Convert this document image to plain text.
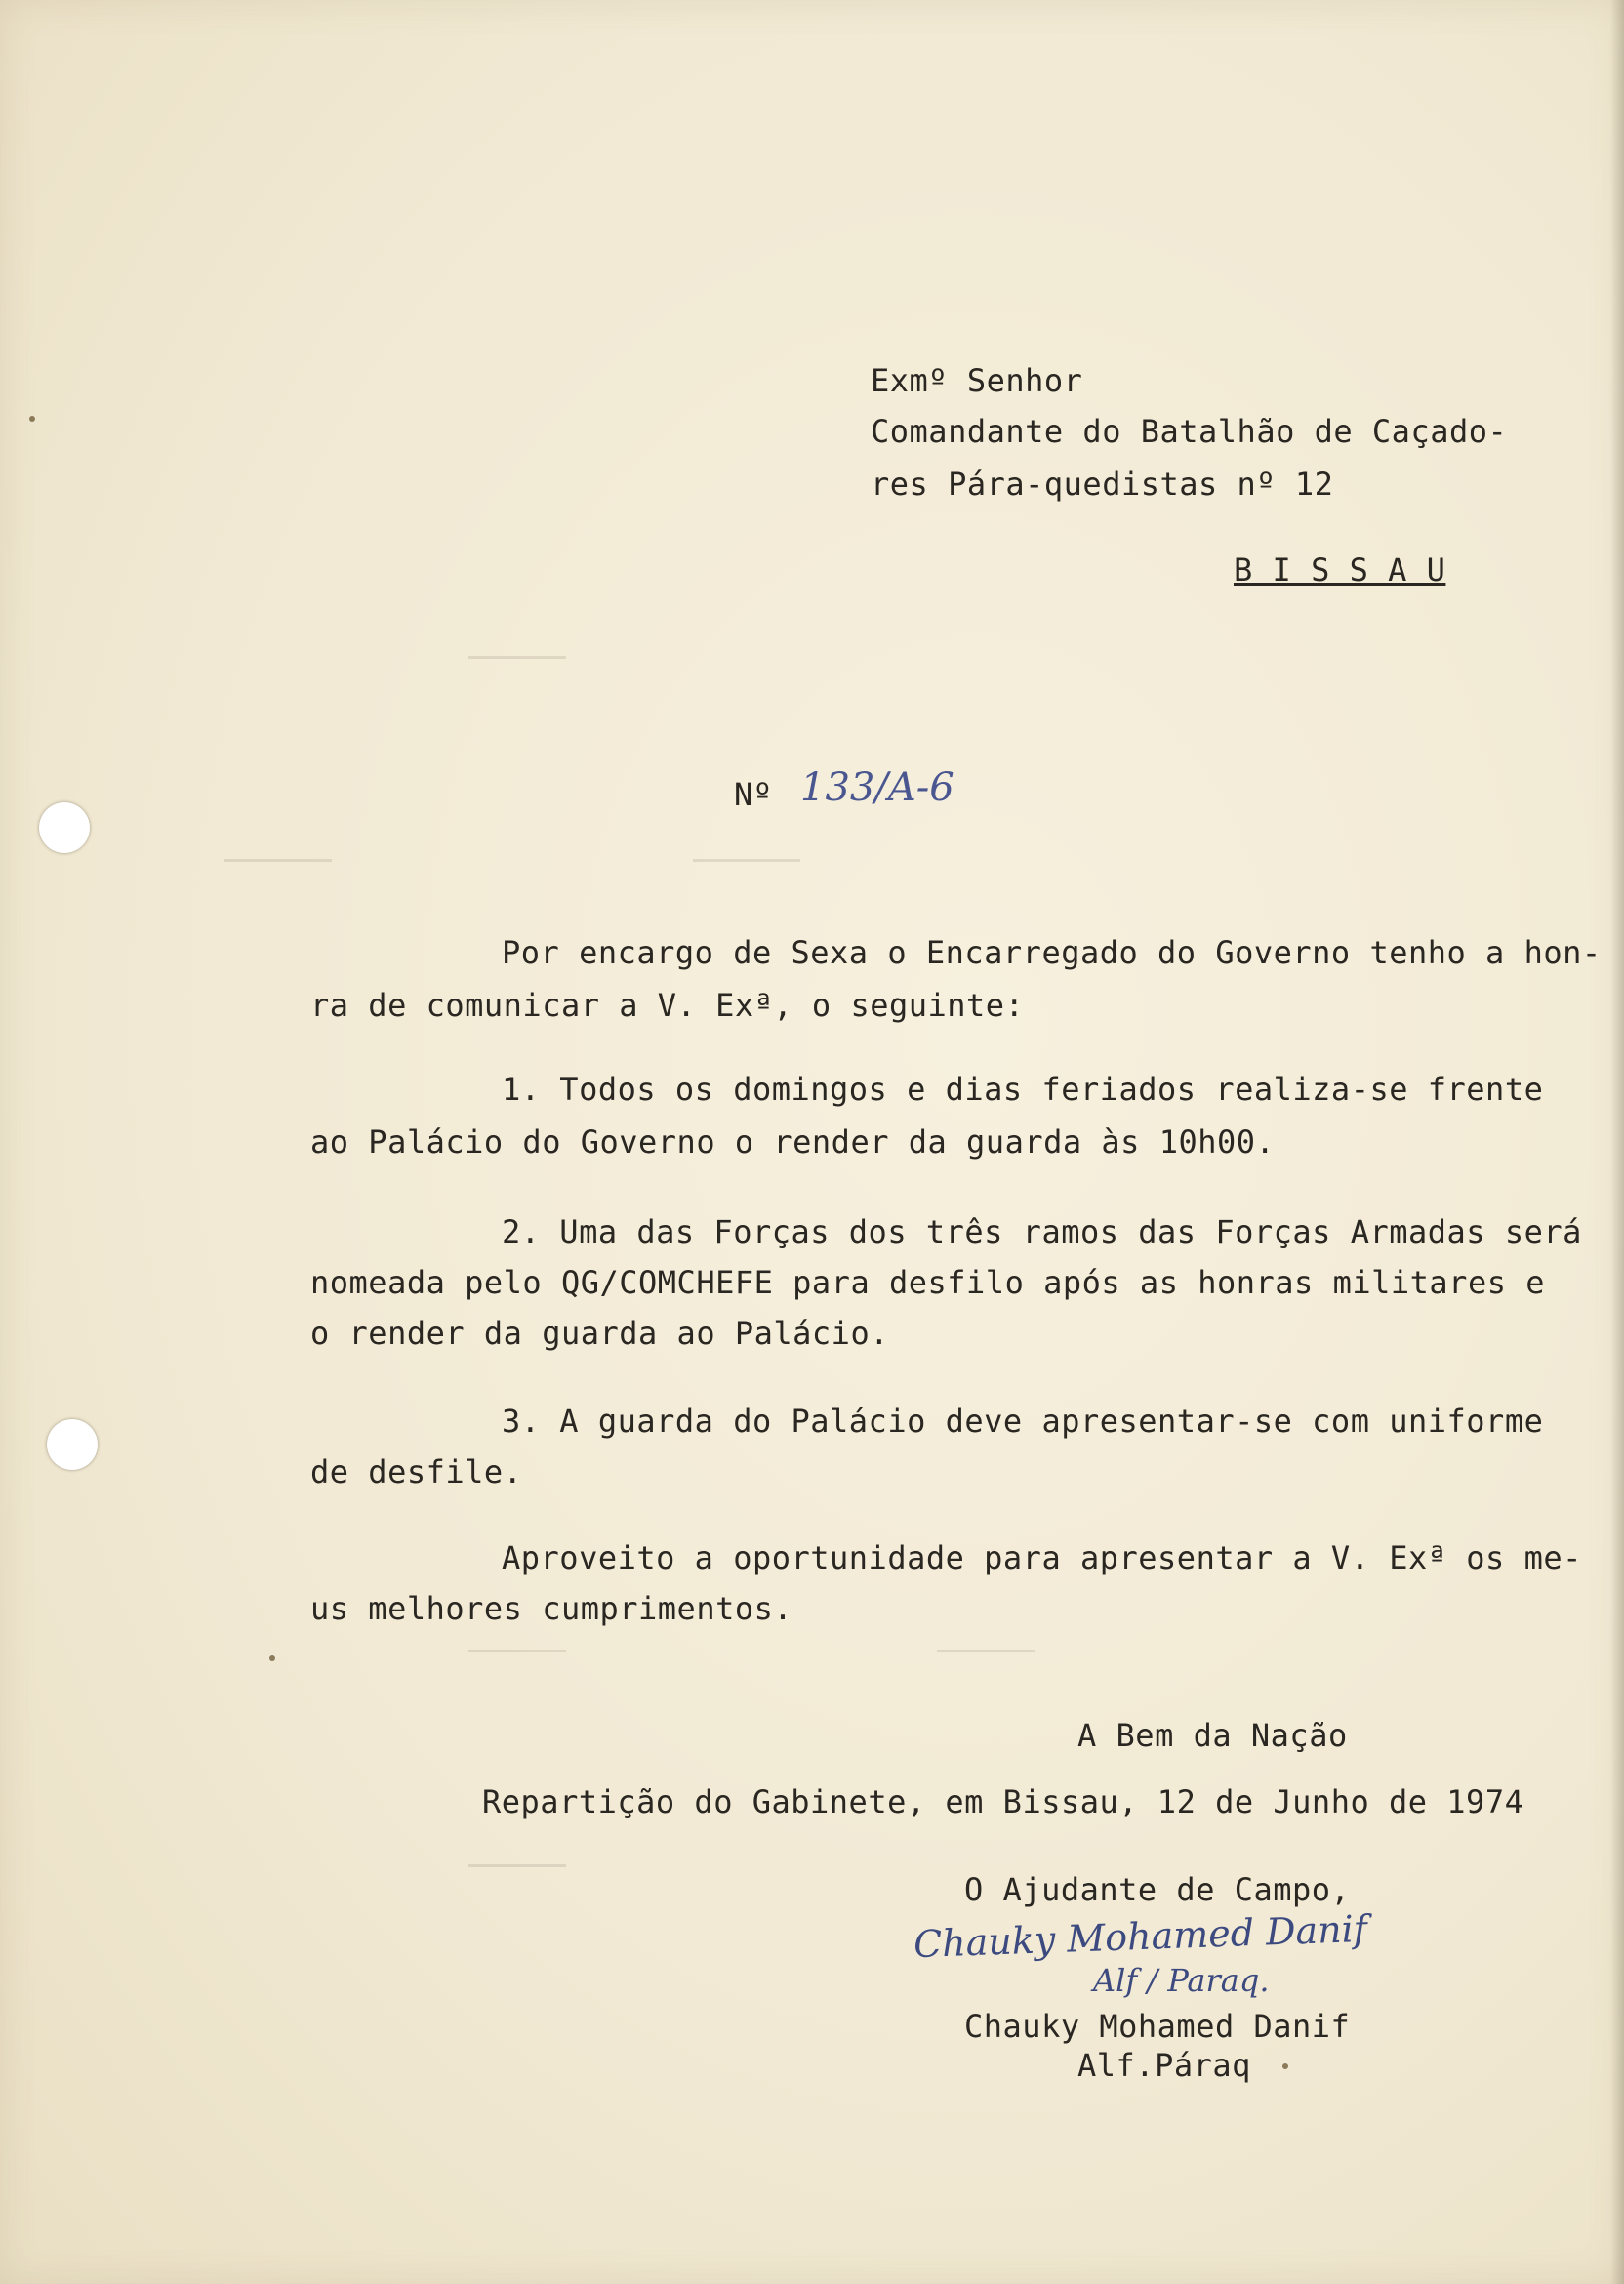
Exmº Senhor
Comandante do Batalhão de Caçado-
res Pára-quedistas nº 12
B I S S A U
Nº 133/A-6
Por encargo de Sexa o Encarregado do Governo tenho a hon-
ra de comunicar a V. Exª, o seguinte:
1. Todos os domingos e dias feriados realiza-se frente
ao Palácio do Governo o render da guarda às 10h00.
2. Uma das Forças dos três ramos das Forças Armadas será
nomeada pelo QG/COMCHEFE para desfilo após as honras militares e
o render da guarda ao Palácio.
3. A guarda do Palácio deve apresentar-se com uniforme
de desfile.
Aproveito a oportunidade para apresentar a V. Exª os me-
us melhores cumprimentos.
A Bem da Nação
Repartição do Gabinete, em Bissau, 12 de Junho de 1974
O Ajudante de Campo,
Chauky Mohamed Danif
Alf / Paraq.
Chauky Mohamed Danif
Alf.Páraq
